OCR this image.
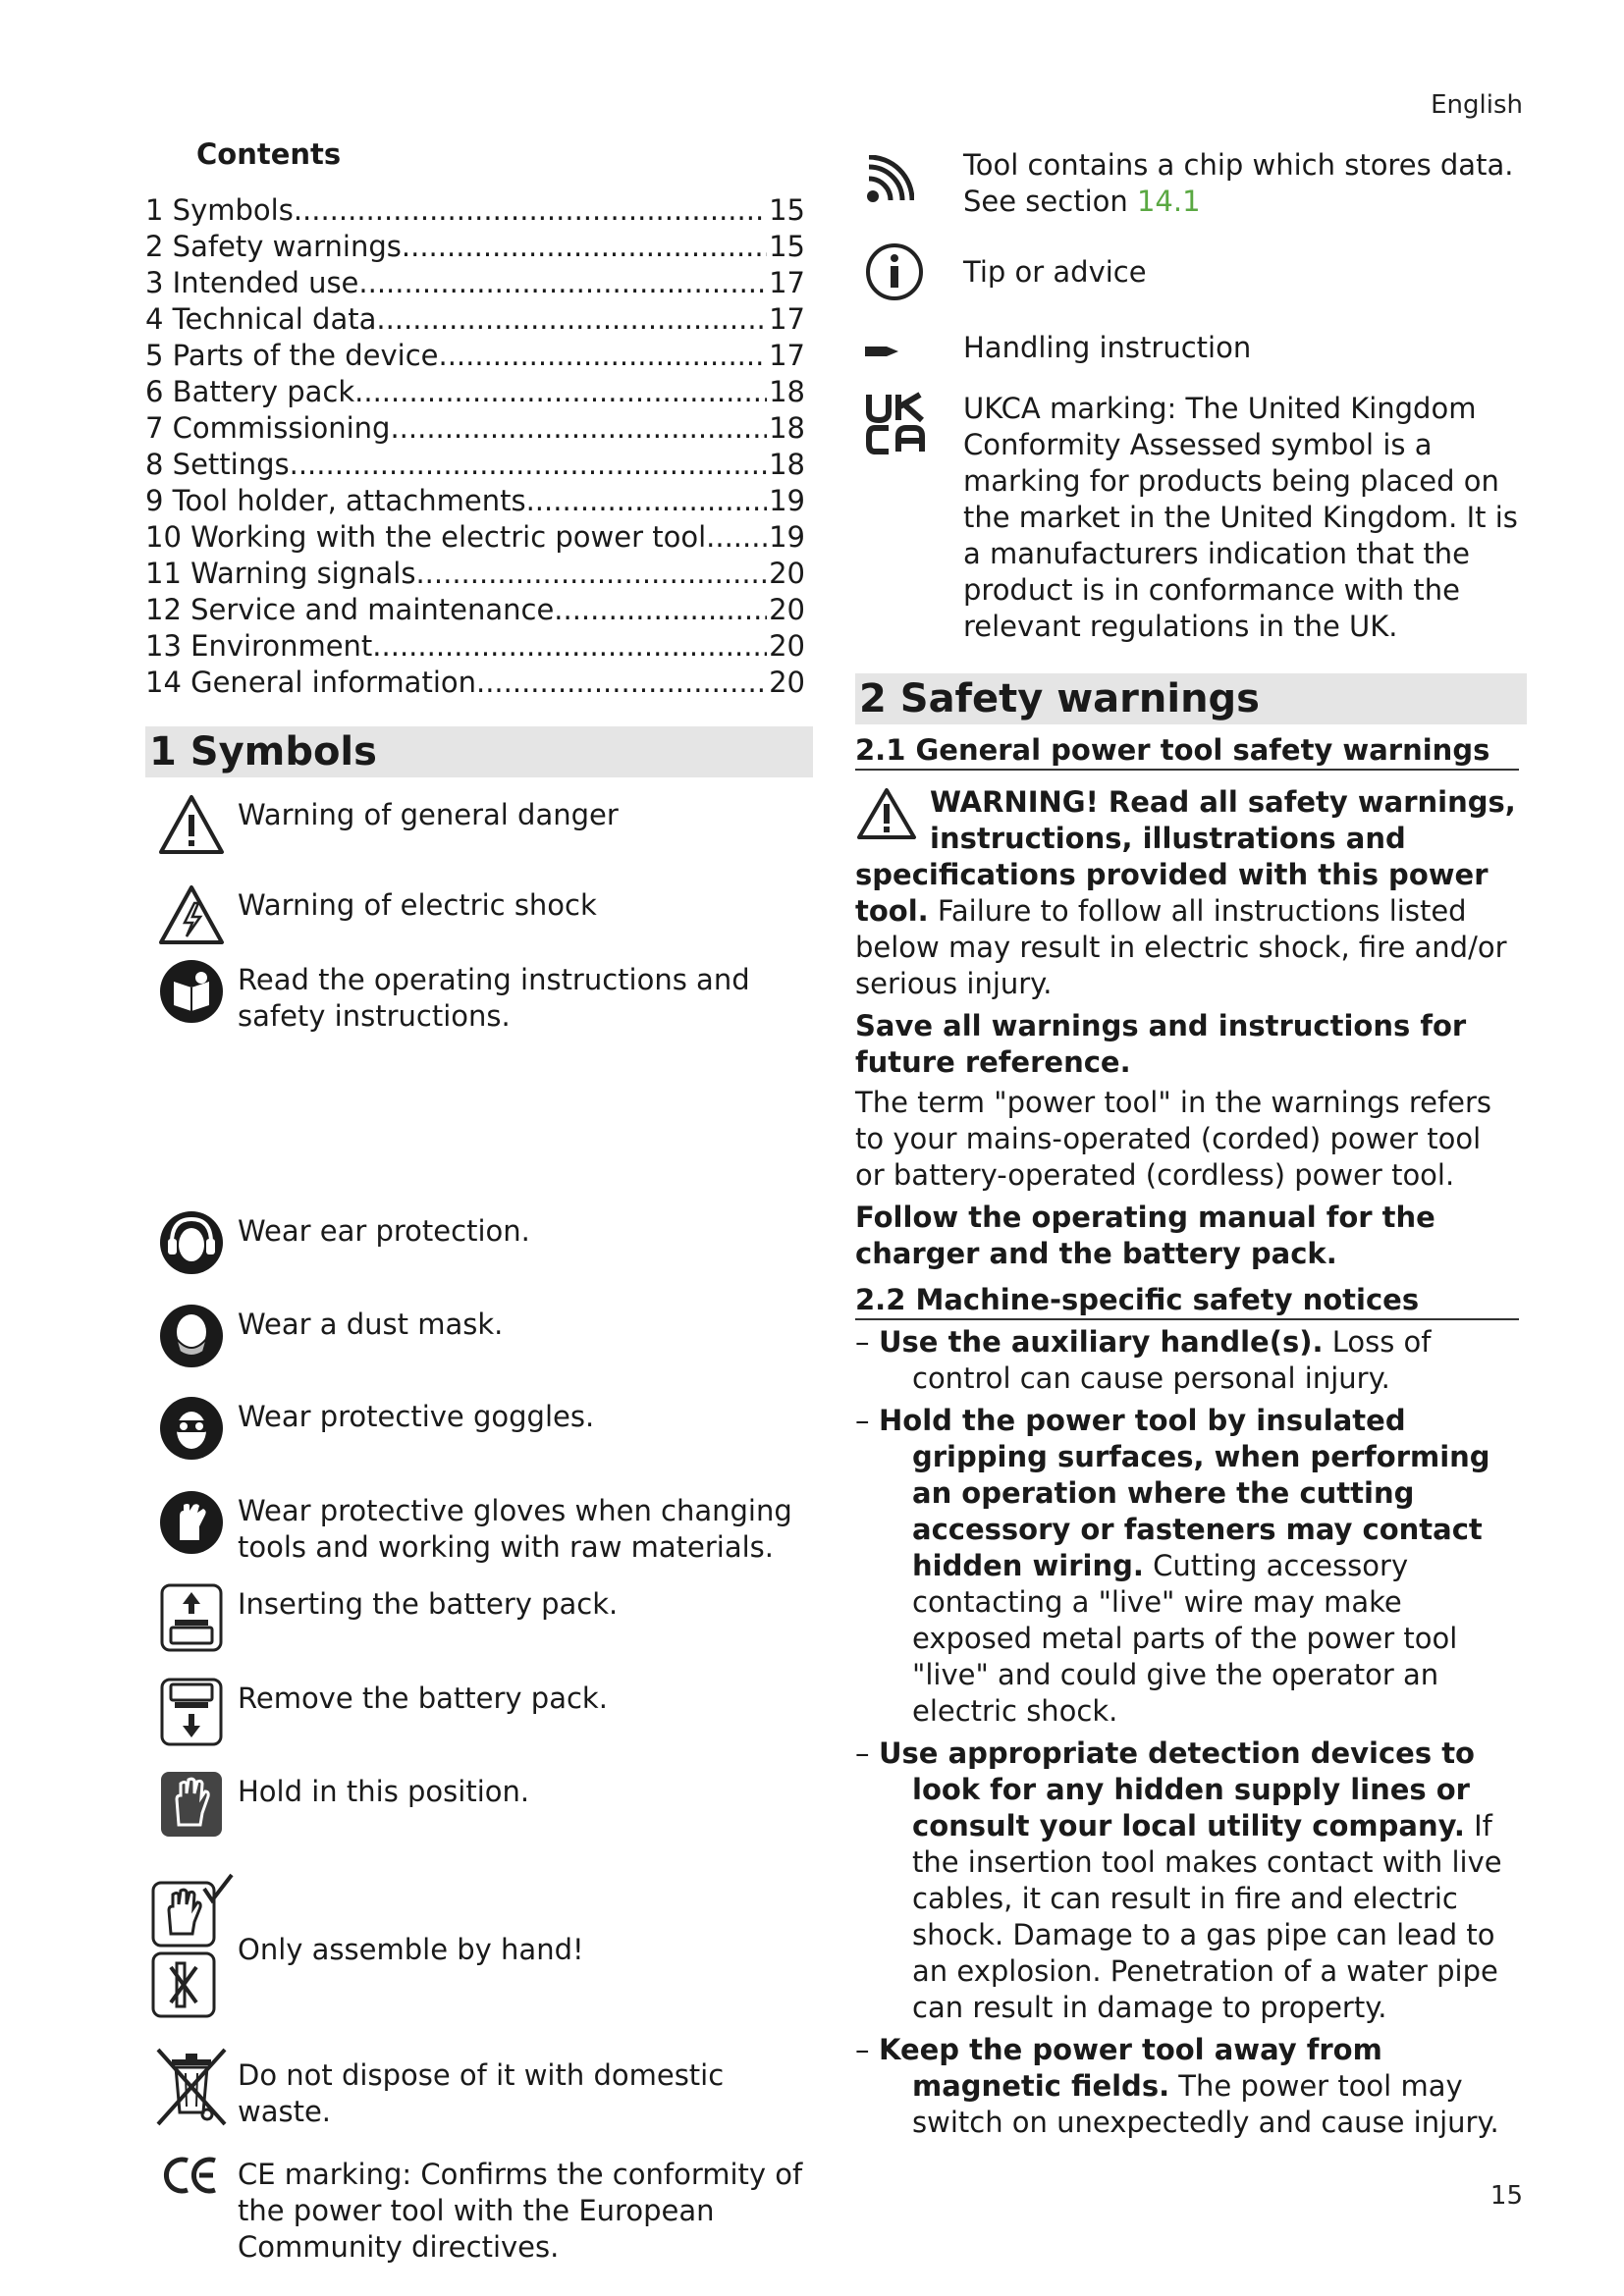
English
Contents
1 Symbols .....	15
2 Safety warnings .....	15
3 Intended use .....	17
4 Technical data .....	17
5 Parts of the device .....	17
6 Battery pack .....	18
7 Commissioning .....	18
8 Settings .....	18
9 Tool holder, attachments .....	19
10 Working with the electric power tool ..... 19
11 Warning signals .....	20
12 Service and maintenance .....	20
13 Environment .....	20
14 General information .....	20
1 Symbols
Warning of general danger
Warning of electric shock
Read the operating instructions and safety instructions.
Wear ear protection.
Wear a dust mask.
Wear protective goggles.
Wear protective gloves when changing tools and working with raw materials.
Inserting the battery pack.
Remove the battery pack.
Hold in this position.
Only assemble by hand!
Do not dispose of it with domestic waste.
CE marking: Confirms the conformity of the power tool with the European Community directives.
Tool contains a chip which stores data. See section 14.1
Tip or advice
Handling instruction
UKCA marking: The United Kingdom Conformity Assessed symbol is a marking for products being placed on the market in the United Kingdom. It is a manufacturers indication that the product is in conformance with the relevant regulations in the UK.
2 Safety warnings
2.1 General power tool safety warnings
WARNING! Read all safety warnings, instructions, illustrations and specifications provided with this power tool. Failure to follow all instructions listed below may result in electric shock, fire and/or serious injury.
Save all warnings and instructions for future reference.
The term "power tool" in the warnings refers to your mains-operated (corded) power tool or battery-operated (cordless) power tool.
Follow the operating manual for the charger and the battery pack.
2.2 Machine-specific safety notices
– Use the auxiliary handle(s). Loss of control can cause personal injury.
– Hold the power tool by insulated gripping surfaces, when performing an operation where the cutting accessory or fasteners may contact hidden wiring. Cutting accessory contacting a "live" wire may make exposed metal parts of the power tool "live" and could give the operator an electric shock.
– Use appropriate detection devices to look for any hidden supply lines or consult your local utility company. If the insertion tool makes contact with live cables, it can result in fire and electric shock. Damage to a gas pipe can lead to an explosion. Penetration of a water pipe can result in damage to property.
– Keep the power tool away from magnetic fields. The power tool may switch on unexpectedly and cause injury.
15
